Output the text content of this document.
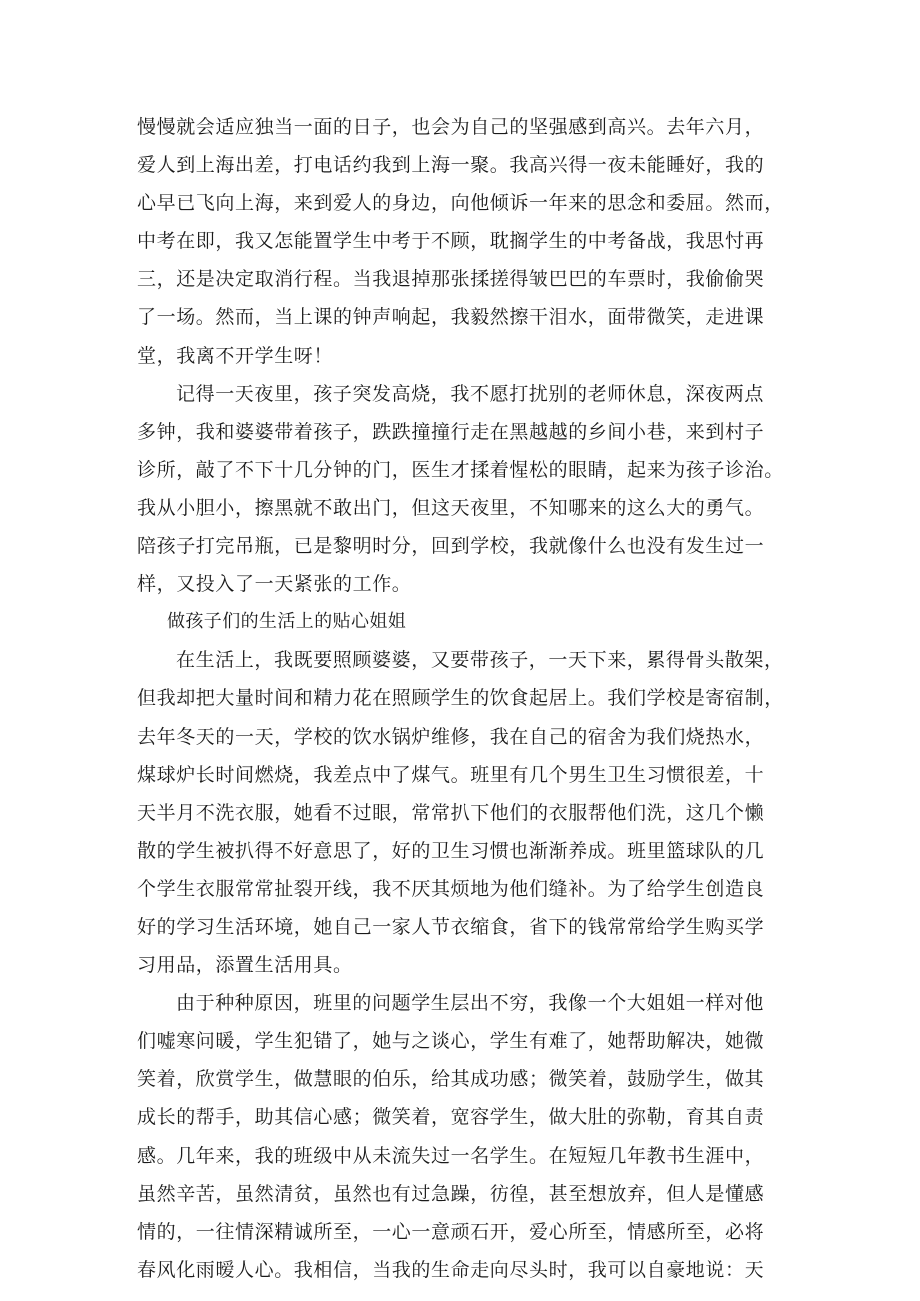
慢慢就会适应独当一面的日子，也会为自己的坚强感到高兴。去年六月，
爱人到上海出差，打电话约我到上海一聚。我高兴得一夜未能睡好，我的
心早已飞向上海，来到爱人的身边，向他倾诉一年来的思念和委屈。然而，
中考在即，我又怎能置学生中考于不顾，耽搁学生的中考备战，我思忖再
三，还是决定取消行程。当我退掉那张揉搓得皱巴巴的车票时，我偷偷哭
了一场。然而，当上课的钟声响起，我毅然擦干泪水，面带微笑，走进课
堂，我离不开学生呀！
记得一天夜里，孩子突发高烧，我不愿打扰别的老师休息，深夜两点
多钟，我和婆婆带着孩子，跌跌撞撞行走在黑越越的乡间小巷，来到村子
诊所，敲了不下十几分钟的门，医生才揉着惺松的眼睛，起来为孩子诊治。
我从小胆小，擦黑就不敢出门，但这天夜里，不知哪来的这么大的勇气。
陪孩子打完吊瓶，已是黎明时分，回到学校，我就像什么也没有发生过一
样，又投入了一天紧张的工作。
做孩子们的生活上的贴心姐姐
在生活上，我既要照顾婆婆，又要带孩子，一天下来，累得骨头散架，
但我却把大量时间和精力花在照顾学生的饮食起居上。我们学校是寄宿制，
去年冬天的一天，学校的饮水锅炉维修，我在自己的宿舍为我们烧热水，
煤球炉长时间燃烧，我差点中了煤气。班里有几个男生卫生习惯很差，十
天半月不洗衣服，她看不过眼，常常扒下他们的衣服帮他们洗，这几个懒
散的学生被扒得不好意思了，好的卫生习惯也渐渐养成。班里篮球队的几
个学生衣服常常扯裂开线，我不厌其烦地为他们缝补。为了给学生创造良
好的学习生活环境，她自己一家人节衣缩食，省下的钱常常给学生购买学
习用品，添置生活用具。
由于种种原因，班里的问题学生层出不穷，我像一个大姐姐一样对他
们嘘寒问暖，学生犯错了，她与之谈心，学生有难了，她帮助解决，她微
笑着，欣赏学生，做慧眼的伯乐，给其成功感；微笑着，鼓励学生，做其
成长的帮手，助其信心感；微笑着，宽容学生，做大肚的弥勒，育其自责
感。几年来，我的班级中从未流失过一名学生。在短短几年教书生涯中，
虽然辛苦，虽然清贫，虽然也有过急躁，彷徨，甚至想放弃，但人是懂感
情的，一往情深精诚所至，一心一意顽石开，爱心所至，情感所至，必将
春风化雨暧人心。我相信，当我的生命走向尽头时，我可以自豪地说：天
